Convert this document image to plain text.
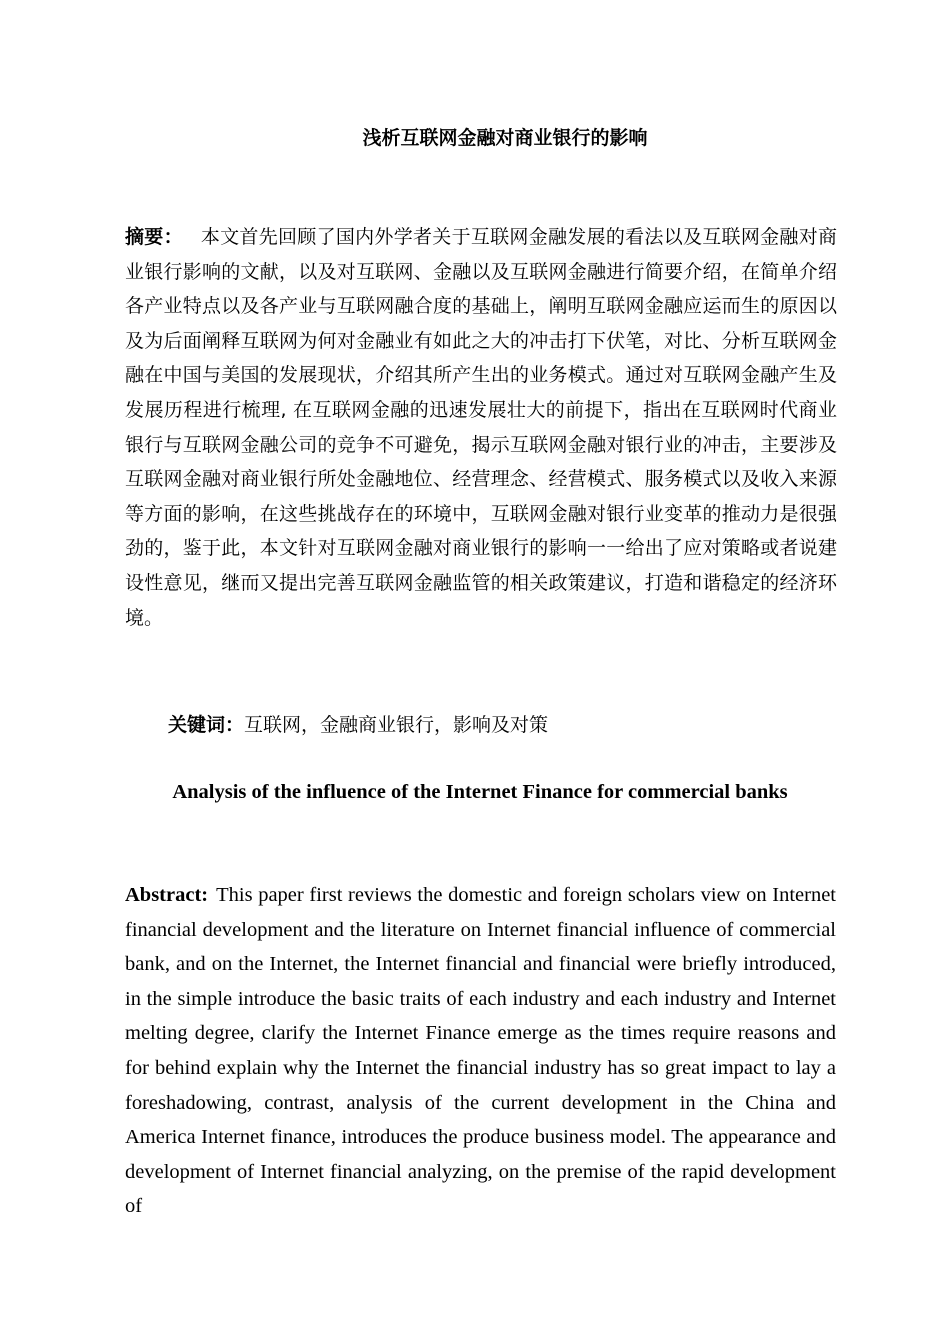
浅析互联网金融对商业银行的影响

摘要： 本文首先回顾了国内外学者关于互联网金融发展的看法以及互联网金融对商业银行影响的文献，以及对互联网、金融以及互联网金融进行简要介绍，在简单介绍各产业特点以及各产业与互联网融合度的基础上，阐明互联网金融应运而生的原因以及为后面阐释互联网为何对金融业有如此之大的冲击打下伏笔，对比、分析互联网金融在中国与美国的发展现状，介绍其所产生出的业务模式。通过对互联网金融产生及发展历程进行梳理, 在互联网金融的迅速发展壮大的前提下，指出在互联网时代商业银行与互联网金融公司的竞争不可避免，揭示互联网金融对银行业的冲击，主要涉及互联网金融对商业银行所处金融地位、经营理念、经营模式、服务模式以及收入来源等方面的影响，在这些挑战存在的环境中，互联网金融对银行业变革的推动力是很强劲的，鉴于此，本文针对互联网金融对商业银行的影响一一给出了应对策略或者说建设性意见，继而又提出完善互联网金融监管的相关政策建议，打造和谐稳定的经济环境。

关键词：互联网，金融商业银行，影响及对策

Analysis of the influence of the Internet Finance for commercial banks

Abstract: This paper first reviews the domestic and foreign scholars view on Internet financial development and the literature on Internet financial influence of commercial bank, and on the Internet, the Internet financial and financial were briefly introduced, in the simple introduce the basic traits of each industry and each industry and Internet melting degree, clarify the Internet Finance emerge as the times require reasons and for behind explain why the Internet the financial industry has so great impact to lay a foreshadowing, contrast, analysis of the current development in the China and America Internet finance, introduces the produce business model. The appearance and development of Internet financial analyzing, on the premise of the rapid development of
